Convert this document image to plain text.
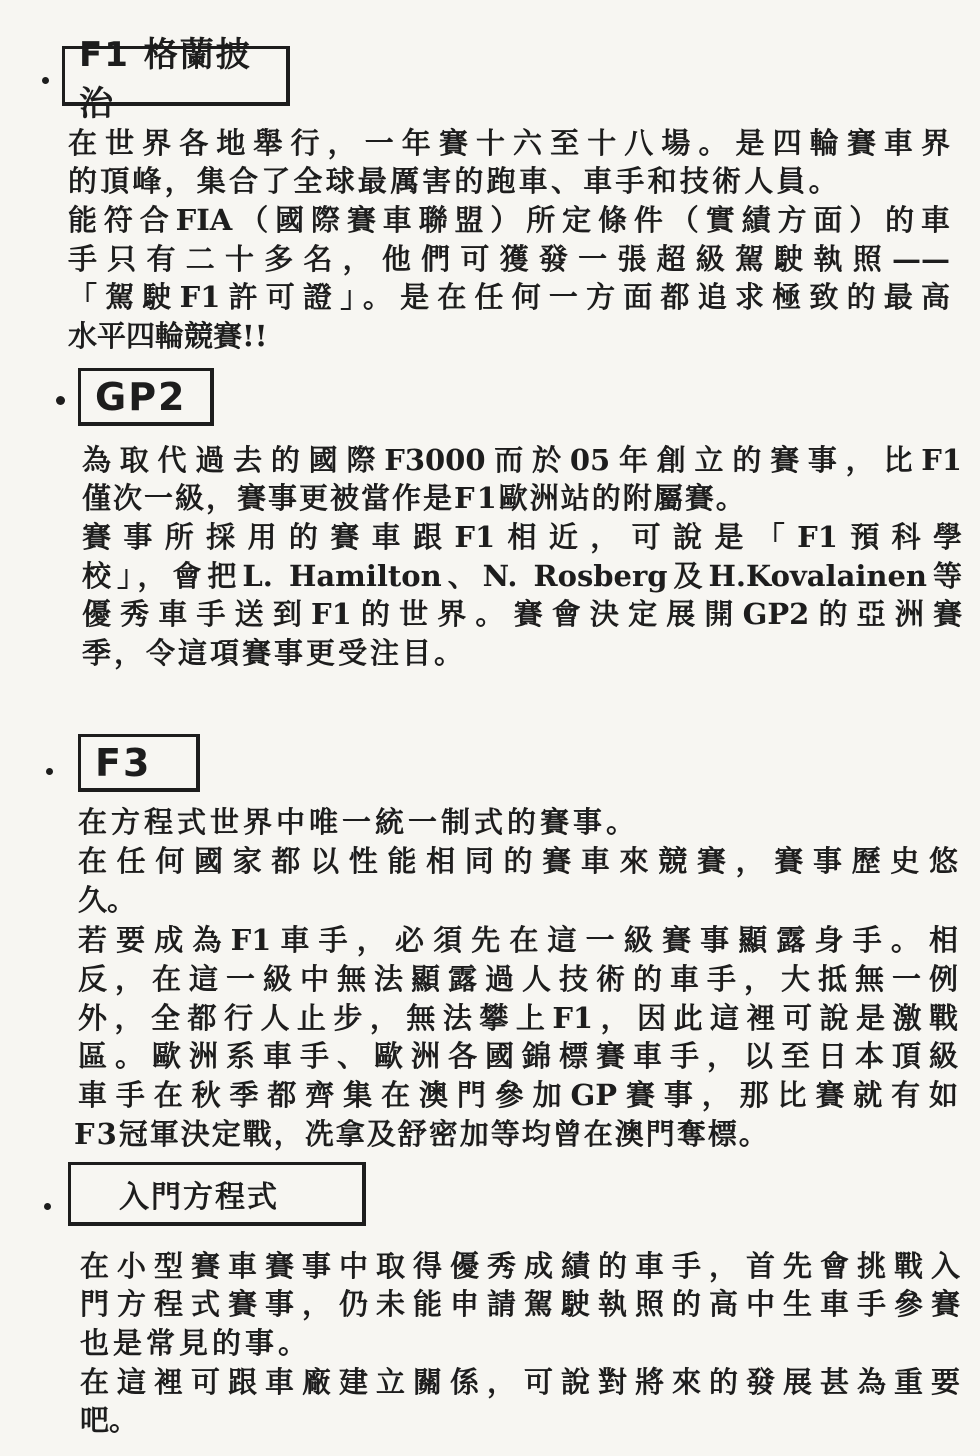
F1 格蘭披治
在世界各地舉行，一年賽十六至十八場。是四輪賽車界
的頂峰，集合了全球最厲害的跑車、車手和技術人員。
能符合FIA（國際賽車聯盟）所定條件（實績方面）的車
手只有二十多名，他們可獲發一張超級駕駛執照——
「駕駛F1許可證」。是在任何一方面都追求極致的最高
水平四輪競賽!!
GP2
為取代過去的國際F3000而於05年創立的賽事，比F1
僅次一級，賽事更被當作是F1歐洲站的附屬賽。
賽事所採用的賽車跟F1相近，可說是「F1預科學
校」，會把L. Hamilton、N. Rosberg及H.Kovalainen等
優秀車手送到F1的世界。賽會決定展開GP2的亞洲賽
季，令這項賽事更受注目。
F3
在方程式世界中唯一統一制式的賽事。
在任何國家都以性能相同的賽車來競賽，賽事歷史悠
久。
若要成為F1車手，必須先在這一級賽事顯露身手。相
反，在這一級中無法顯露過人技術的車手，大抵無一例
外，全都行人止步，無法攀上F1，因此這裡可說是激戰
區。歐洲系車手、歐洲各國錦標賽車手，以至日本頂級
車手在秋季都齊集在澳門參加GP賽事，那比賽就有如
F3冠軍決定戰，冼拿及舒密加等均曾在澳門奪標。
入門方程式
在小型賽車賽事中取得優秀成績的車手，首先會挑戰入
門方程式賽事，仍未能申請駕駛執照的高中生車手參賽
也是常見的事。
在這裡可跟車廠建立關係，可說對將來的發展甚為重要
吧。
